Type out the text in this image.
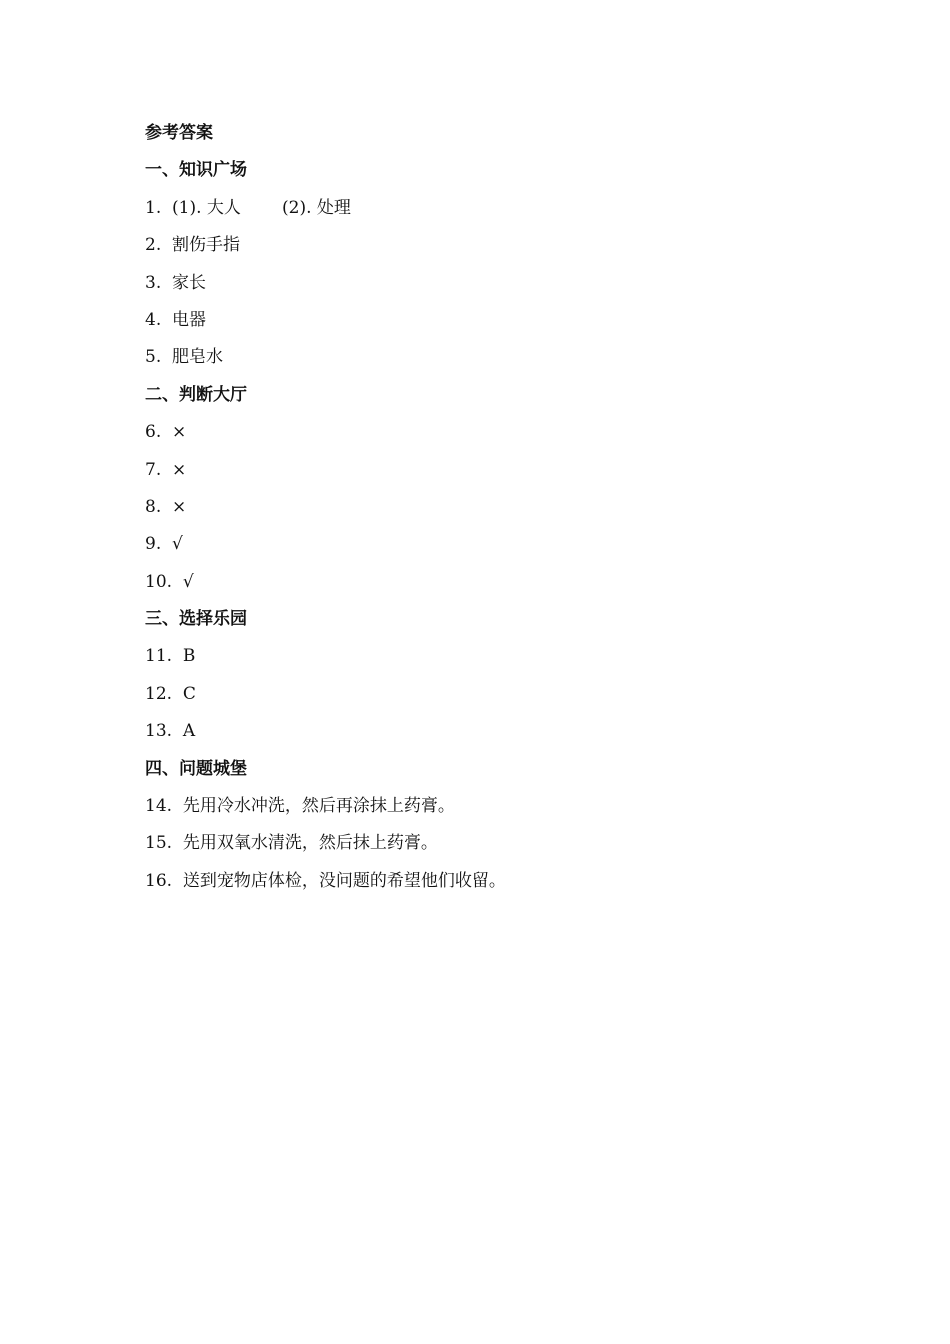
参考答案
一、知识广场
1. (1). 大人 (2). 处理
2. 割伤手指
3. 家长
4. 电器
5. 肥皂水
二、判断大厅
6. ×
7. ×
8. ×
9. √
10. √
三、选择乐园
11. B
12. C
13. A
四、问题城堡
14. 先用冷水冲洗，然后再涂抹上药膏。
15. 先用双氧水清洗，然后抹上药膏。
16. 送到宠物店体检，没问题的希望他们收留。
